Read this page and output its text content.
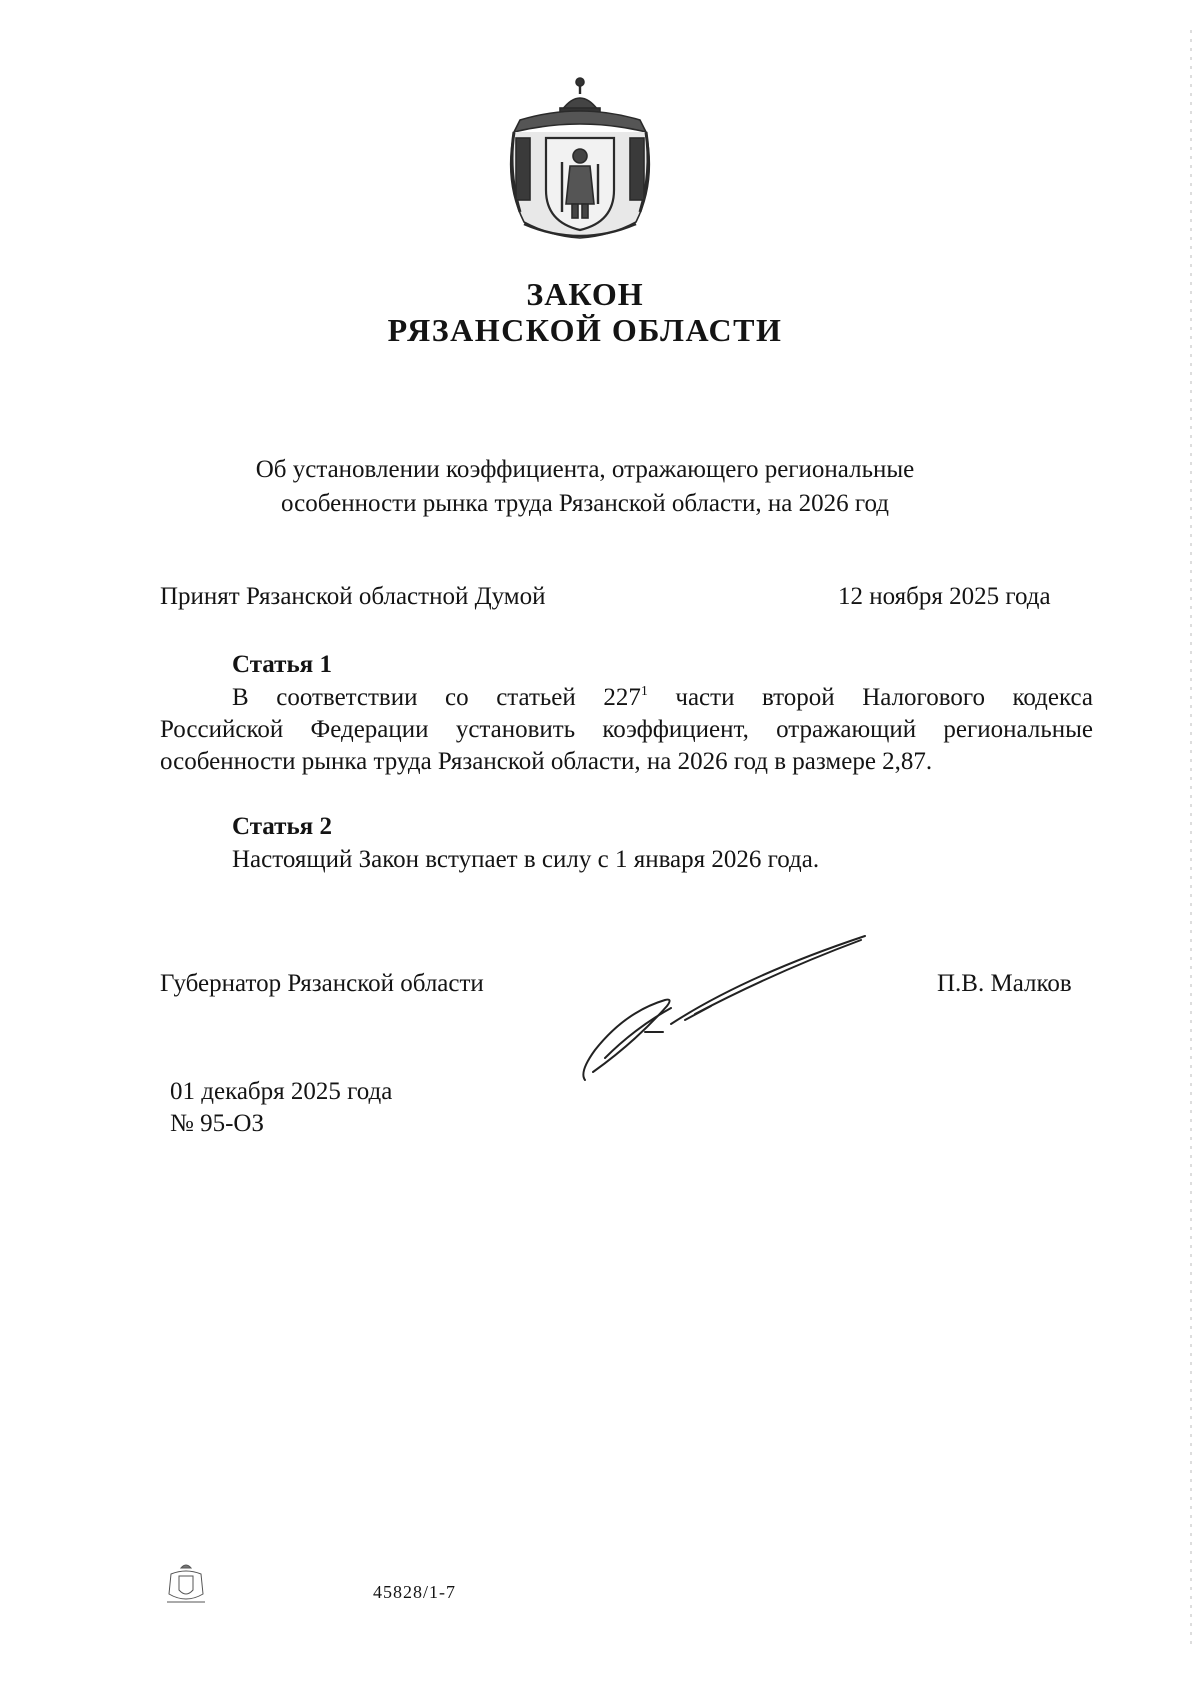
ЗАКОН
РЯЗАНСКОЙ ОБЛАСТИ
Об установлении коэффициента, отражающего региональные
особенности рынка труда Рязанской области, на 2026 год
Принят Рязанской областной Думой	12 ноября 2025 года
Статья 1
В соответствии со статьей $227^1$ части второй Налогового кодекса
Российской Федерации установить коэффициент, отражающий региональные
особенности рынка труда Рязанской области, на 2026 год в размере 2,87.
Статья 2
Настоящий Закон вступает в силу с 1 января 2026 года.
Губернатор Рязанской области	П.В. Малков
01 декабря 2025 года
№ 95-ОЗ
45828/1-7
